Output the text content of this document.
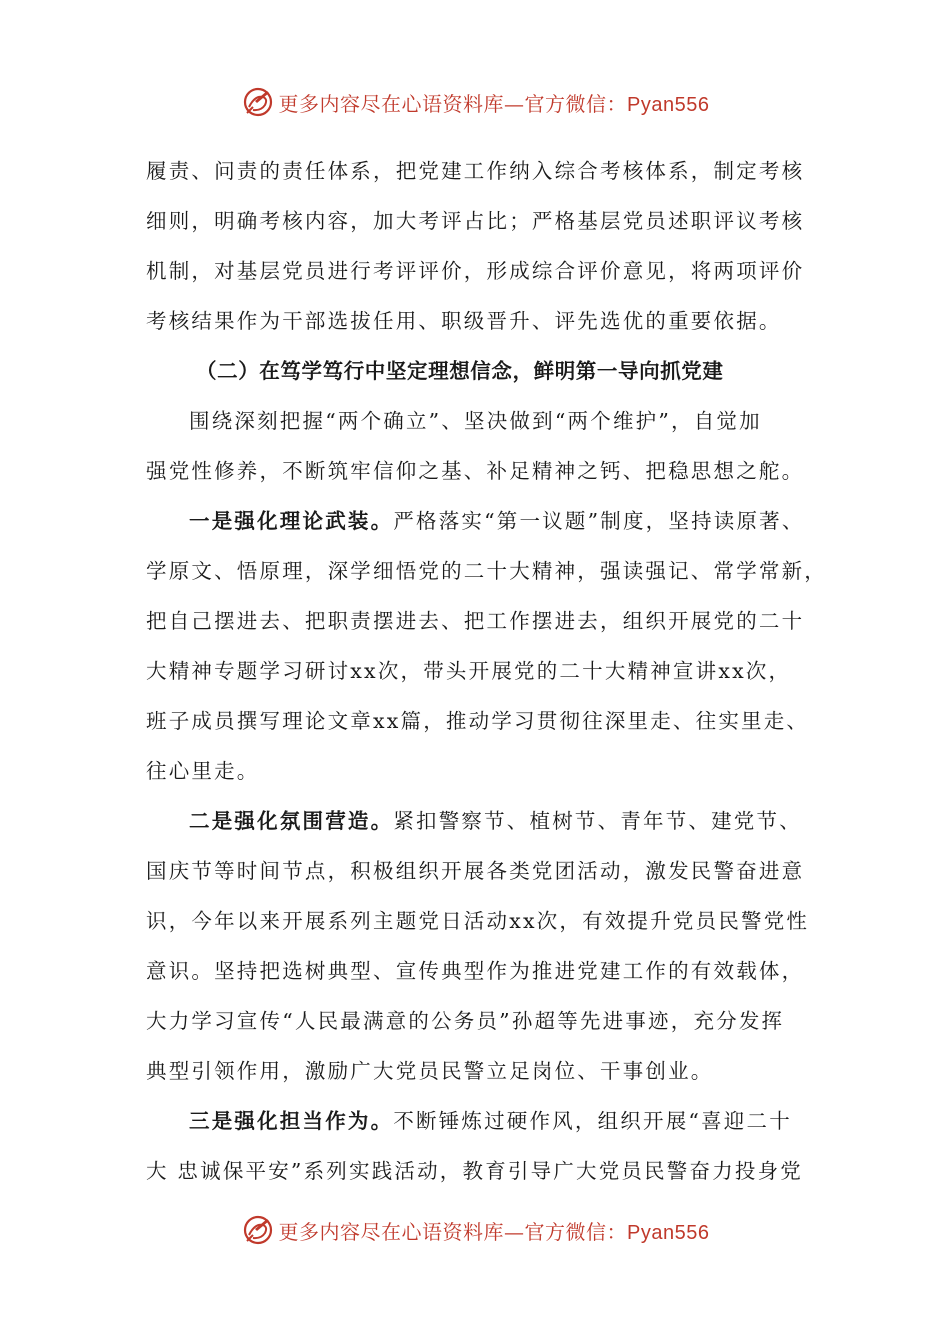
更多内容尽在心语资料库—官方微信：Pyan556
履责、问责的责任体系，把党建工作纳入综合考核体系，制定考核
细则，明确考核内容，加大考评占比；严格基层党员述职评议考核
机制，对基层党员进行考评评价，形成综合评价意见，将两项评价
考核结果作为干部选拔任用、职级晋升、评先选优的重要依据。
（二）在笃学笃行中坚定理想信念，鲜明第一导向抓党建
围绕深刻把握“两个确立”、坚决做到“两个维护”，自觉加
强党性修养，不断筑牢信仰之基、补足精神之钙、把稳思想之舵。
一是强化理论武装。严格落实“第一议题”制度，坚持读原著、
学原文、悟原理，深学细悟党的二十大精神，强读强记、常学常新，
把自己摆进去、把职责摆进去、把工作摆进去，组织开展党的二十
大精神专题学习研讨xx次，带头开展党的二十大精神宣讲xx次，
班子成员撰写理论文章xx篇，推动学习贯彻往深里走、往实里走、
往心里走。
二是强化氛围营造。紧扣警察节、植树节、青年节、建党节、
国庆节等时间节点，积极组织开展各类党团活动，激发民警奋进意
识，今年以来开展系列主题党日活动xx次，有效提升党员民警党性
意识。坚持把选树典型、宣传典型作为推进党建工作的有效载体，
大力学习宣传“人民最满意的公务员”孙超等先进事迹，充分发挥
典型引领作用，激励广大党员民警立足岗位、干事创业。
三是强化担当作为。不断锤炼过硬作风，组织开展“喜迎二十
大 忠诚保平安”系列实践活动，教育引导广大党员民警奋力投身党
更多内容尽在心语资料库—官方微信：Pyan556
